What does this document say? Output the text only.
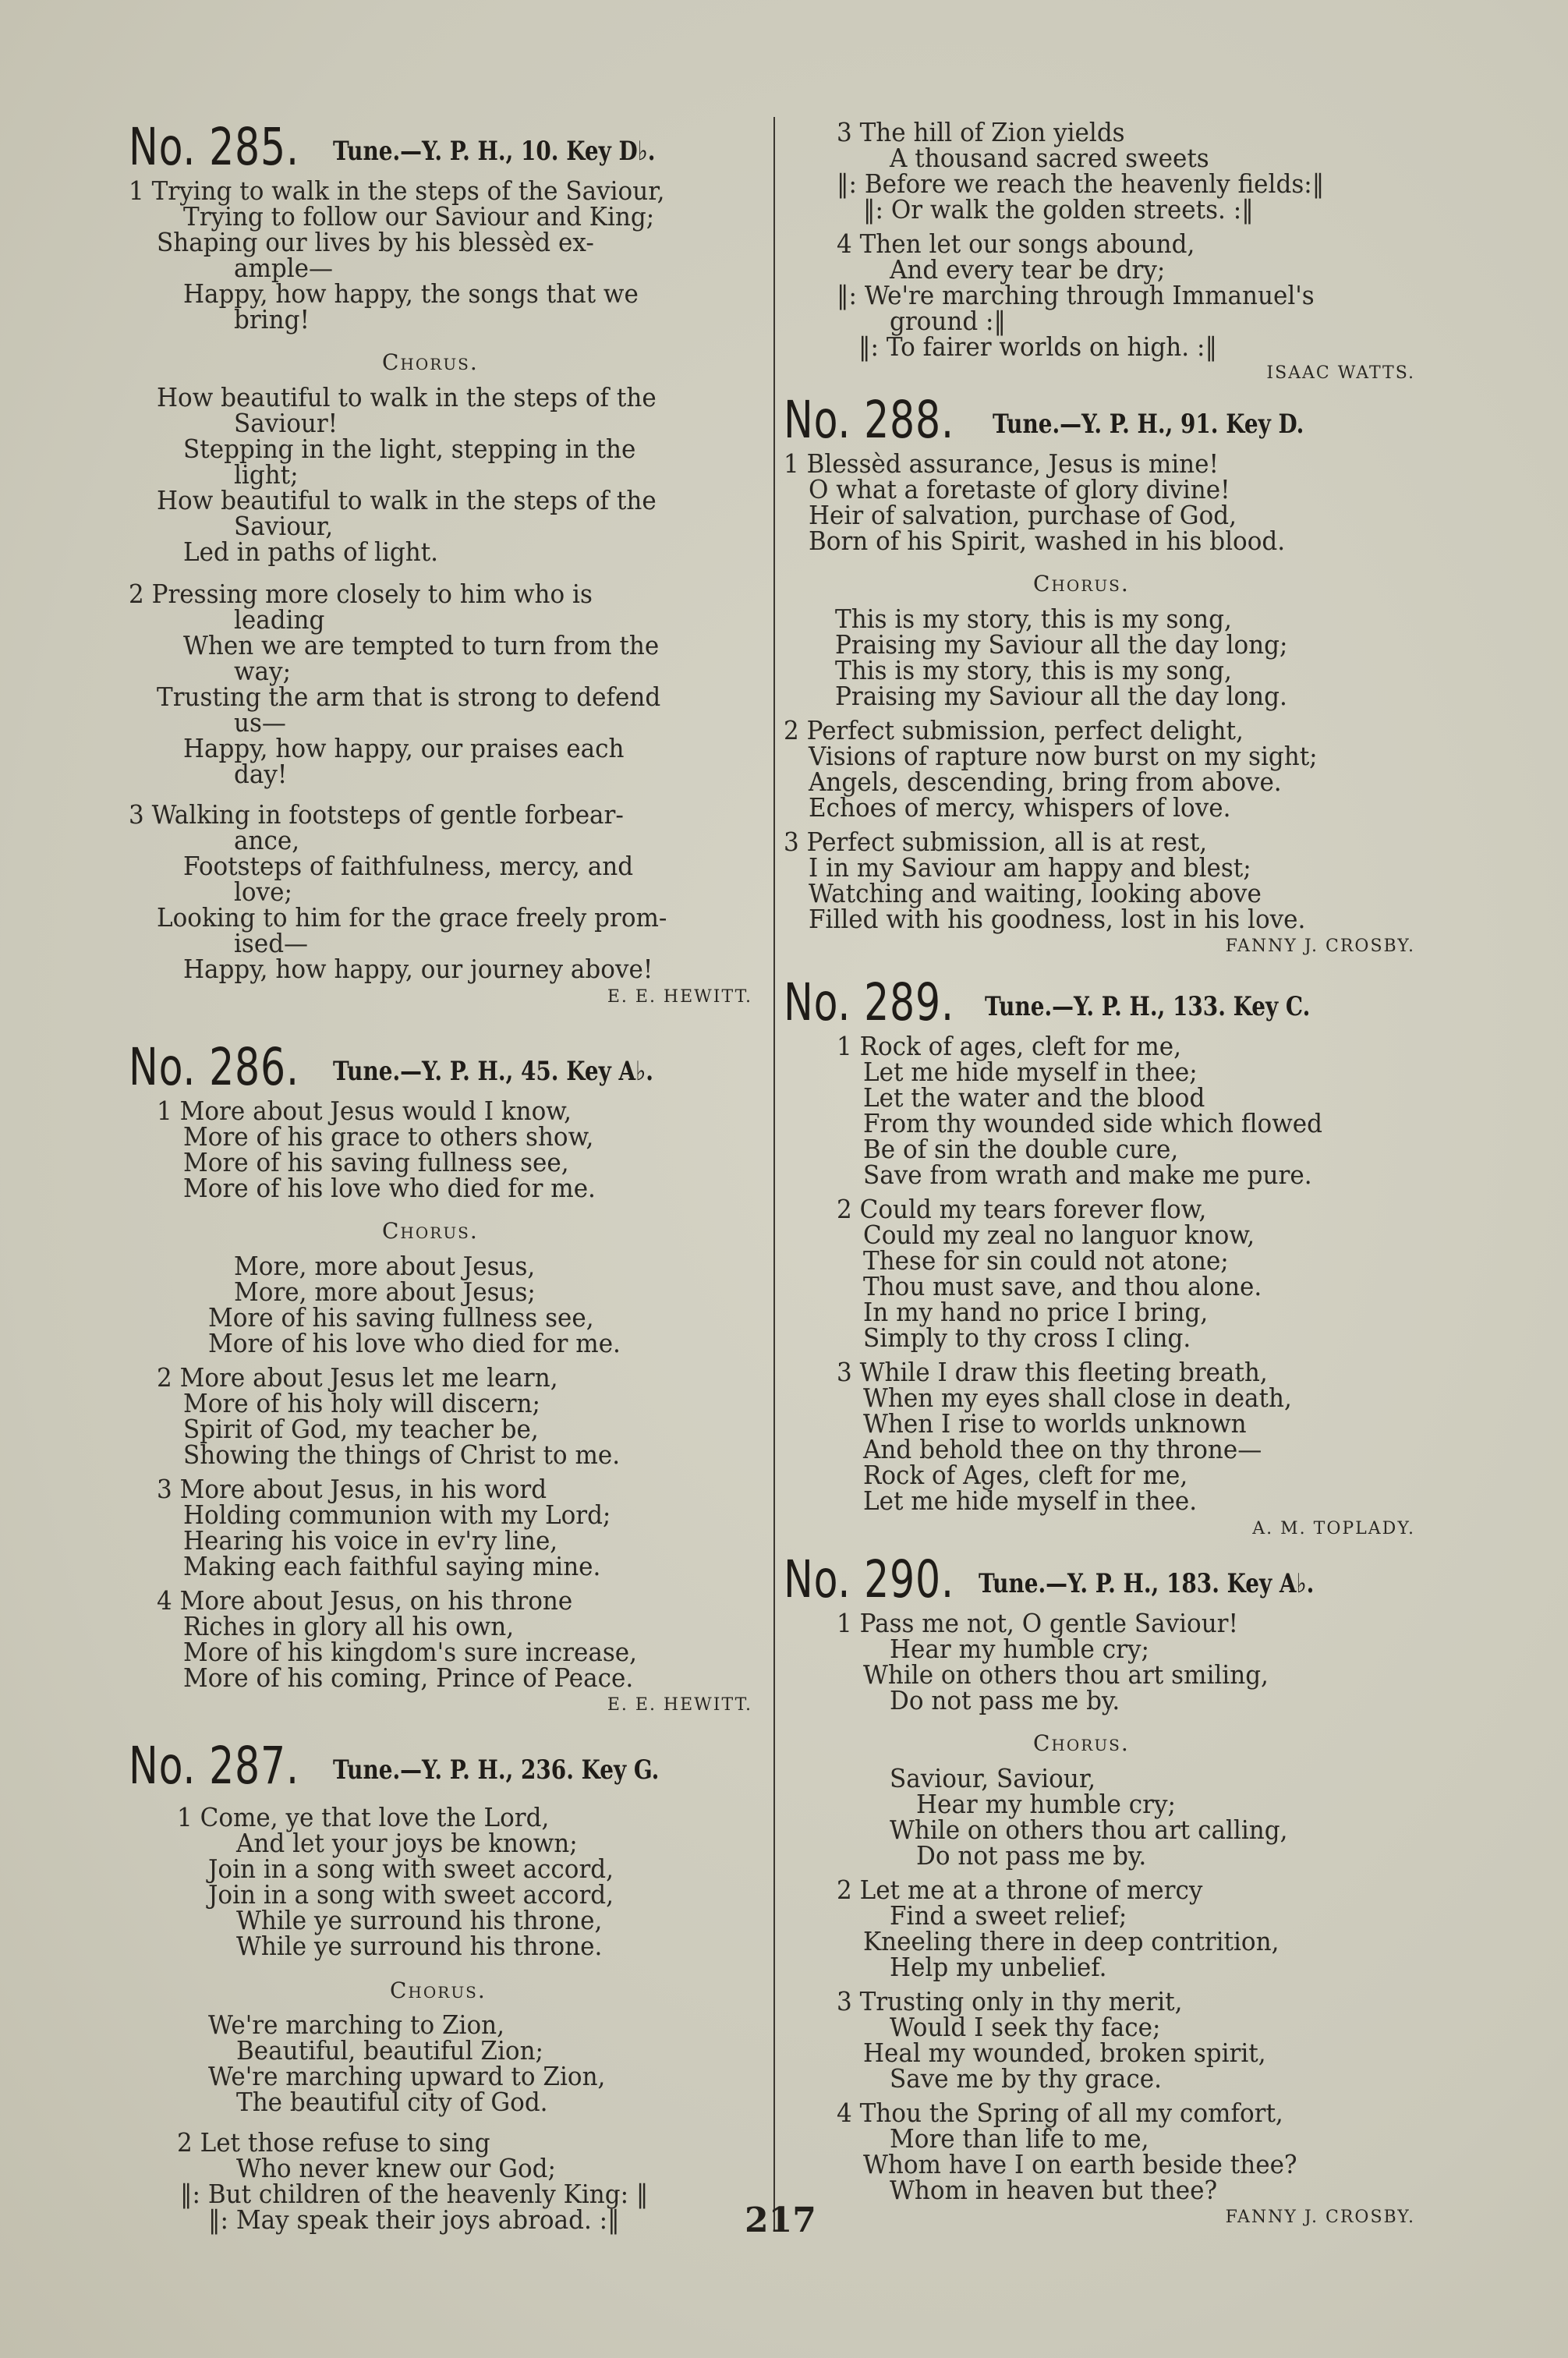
No. 285. Tune.—Y. P. H., 10. Key D♭.
1 Trying to walk in the steps of the Saviour,
Trying to follow our Saviour and King;
Shaping our lives by his blessèd ex-
ample—
Happy, how happy, the songs that we
bring!
Chorus.
How beautiful to walk in the steps of the
Saviour!
Stepping in the light, stepping in the
light;
How beautiful to walk in the steps of the
Saviour,
Led in paths of light.
2 Pressing more closely to him who is
leading
When we are tempted to turn from the
way;
Trusting the arm that is strong to defend
us—
Happy, how happy, our praises each
day!
3 Walking in footsteps of gentle forbear-
ance,
Footsteps of faithfulness, mercy, and
love;
Looking to him for the grace freely prom-
ised—
Happy, how happy, our journey above!
E. E. HEWITT.
No. 286. Tune.—Y. P. H., 45. Key A♭.
1 More about Jesus would I know,
More of his grace to others show,
More of his saving fullness see,
More of his love who died for me.
Chorus.
More, more about Jesus,
More, more about Jesus;
More of his saving fullness see,
More of his love who died for me.
2 More about Jesus let me learn,
More of his holy will discern;
Spirit of God, my teacher be,
Showing the things of Christ to me.
3 More about Jesus, in his word
Holding communion with my Lord;
Hearing his voice in ev'ry line,
Making each faithful saying mine.
4 More about Jesus, on his throne
Riches in glory all his own,
More of his kingdom's sure increase,
More of his coming, Prince of Peace.
E. E. HEWITT.
No. 287. Tune.—Y. P. H., 236. Key G.
1 Come, ye that love the Lord,
And let your joys be known;
Join in a song with sweet accord,
Join in a song with sweet accord,
While ye surround his throne,
While ye surround his throne.
Chorus.
We're marching to Zion,
Beautiful, beautiful Zion;
We're marching upward to Zion,
The beautiful city of God.
2 Let those refuse to sing
Who never knew our God;
‖: But children of the heavenly King: ‖
‖: May speak their joys abroad. :‖
3 The hill of Zion yields
A thousand sacred sweets
‖: Before we reach the heavenly fields:‖
‖: Or walk the golden streets. :‖
4 Then let our songs abound,
And every tear be dry;
‖: We're marching through Immanuel's
ground :‖
‖: To fairer worlds on high. :‖
ISAAC WATTS.
No. 288. Tune.—Y. P. H., 91. Key D.
1 Blessèd assurance, Jesus is mine!
O what a foretaste of glory divine!
Heir of salvation, purchase of God,
Born of his Spirit, washed in his blood.
Chorus.
This is my story, this is my song,
Praising my Saviour all the day long;
This is my story, this is my song,
Praising my Saviour all the day long.
2 Perfect submission, perfect delight,
Visions of rapture now burst on my sight;
Angels, descending, bring from above.
Echoes of mercy, whispers of love.
3 Perfect submission, all is at rest,
I in my Saviour am happy and blest;
Watching and waiting, looking above
Filled with his goodness, lost in his love.
FANNY J. CROSBY.
No. 289. Tune.—Y. P. H., 133. Key C.
1 Rock of ages, cleft for me,
Let me hide myself in thee;
Let the water and the blood
From thy wounded side which flowed
Be of sin the double cure,
Save from wrath and make me pure.
2 Could my tears forever flow,
Could my zeal no languor know,
These for sin could not atone;
Thou must save, and thou alone.
In my hand no price I bring,
Simply to thy cross I cling.
3 While I draw this fleeting breath,
When my eyes shall close in death,
When I rise to worlds unknown
And behold thee on thy throne—
Rock of Ages, cleft for me,
Let me hide myself in thee.
A. M. TOPLADY.
No. 290. Tune.—Y. P. H., 183. Key A♭.
1 Pass me not, O gentle Saviour!
Hear my humble cry;
While on others thou art smiling,
Do not pass me by.
Chorus.
Saviour, Saviour,
Hear my humble cry;
While on others thou art calling,
Do not pass me by.
2 Let me at a throne of mercy
Find a sweet relief;
Kneeling there in deep contrition,
Help my unbelief.
3 Trusting only in thy merit,
Would I seek thy face;
Heal my wounded, broken spirit,
Save me by thy grace.
4 Thou the Spring of all my comfort,
More than life to me,
Whom have I on earth beside thee?
Whom in heaven but thee?
FANNY J. CROSBY.
217
